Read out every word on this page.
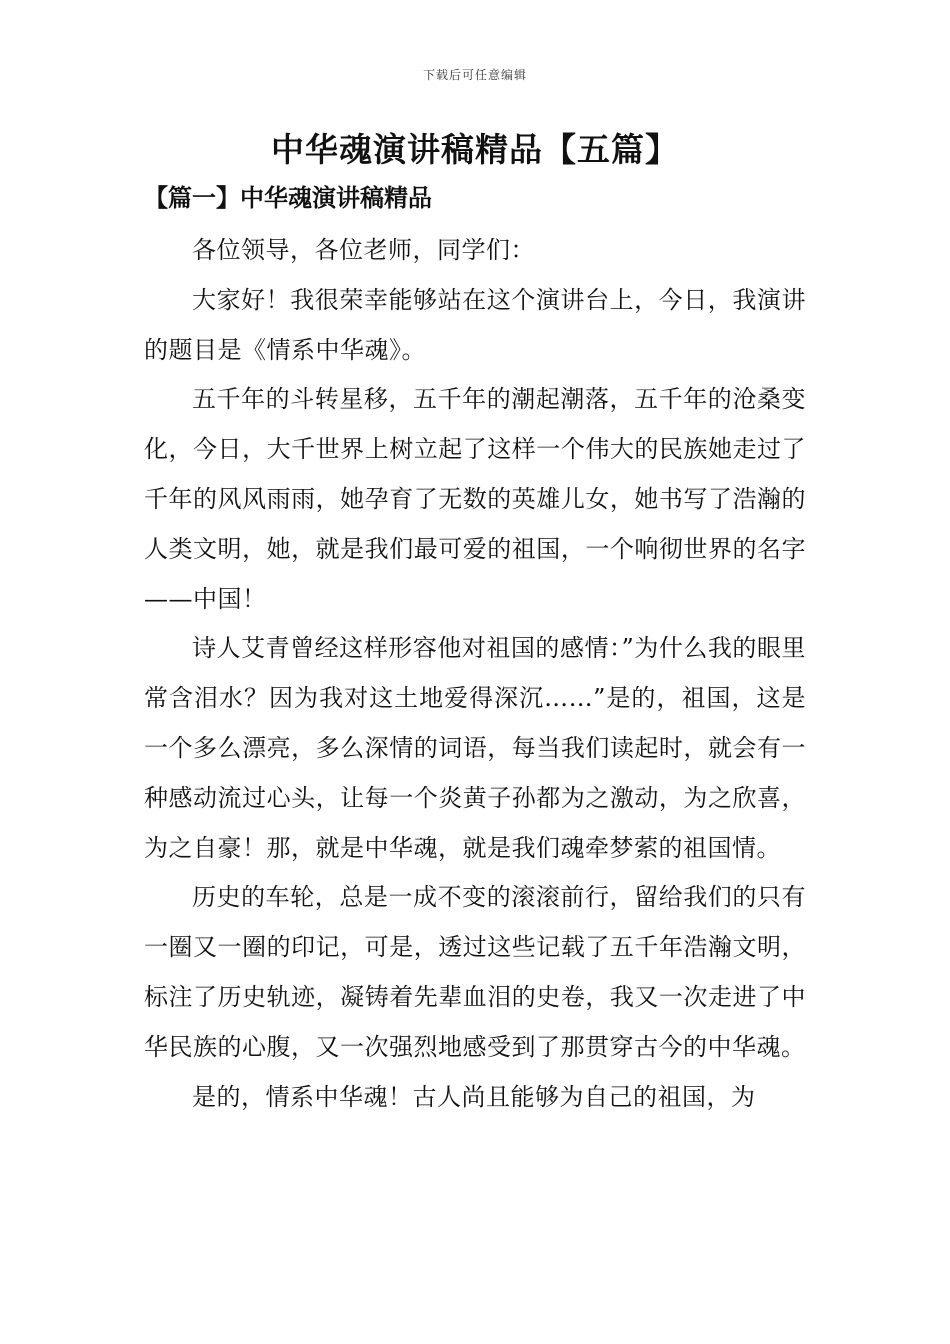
下载后可任意编辑
中华魂演讲稿精品【五篇】
【篇一】中华魂演讲稿精品

各位领导，各位老师，同学们：

大家好！我很荣幸能够站在这个演讲台上，今日，我演讲的题目是《情系中华魂》。

五千年的斗转星移，五千年的潮起潮落，五千年的沧桑变化，今日，大千世界上树立起了这样一个伟大的民族她走过了千年的风风雨雨，她孕育了无数的英雄儿女，她书写了浩瀚的人类文明，她，就是我们最可爱的祖国，一个响彻世界的名字——中国！

诗人艾青曾经这样形容他对祖国的感情：”为什么我的眼里常含泪水？因为我对这土地爱得深沉……”是的，祖国，这是一个多么漂亮，多么深情的词语，每当我们读起时，就会有一种感动流过心头，让每一个炎黄子孙都为之激动，为之欣喜，为之自豪！那，就是中华魂，就是我们魂牵梦萦的祖国情。

历史的车轮，总是一成不变的滚滚前行，留给我们的只有一圈又一圈的印记，可是，透过这些记载了五千年浩瀚文明，标注了历史轨迹，凝铸着先辈血泪的史卷，我又一次走进了中华民族的心腹，又一次强烈地感受到了那贯穿古今的中华魂。

是的，情系中华魂！古人尚且能够为自己的祖国，为
